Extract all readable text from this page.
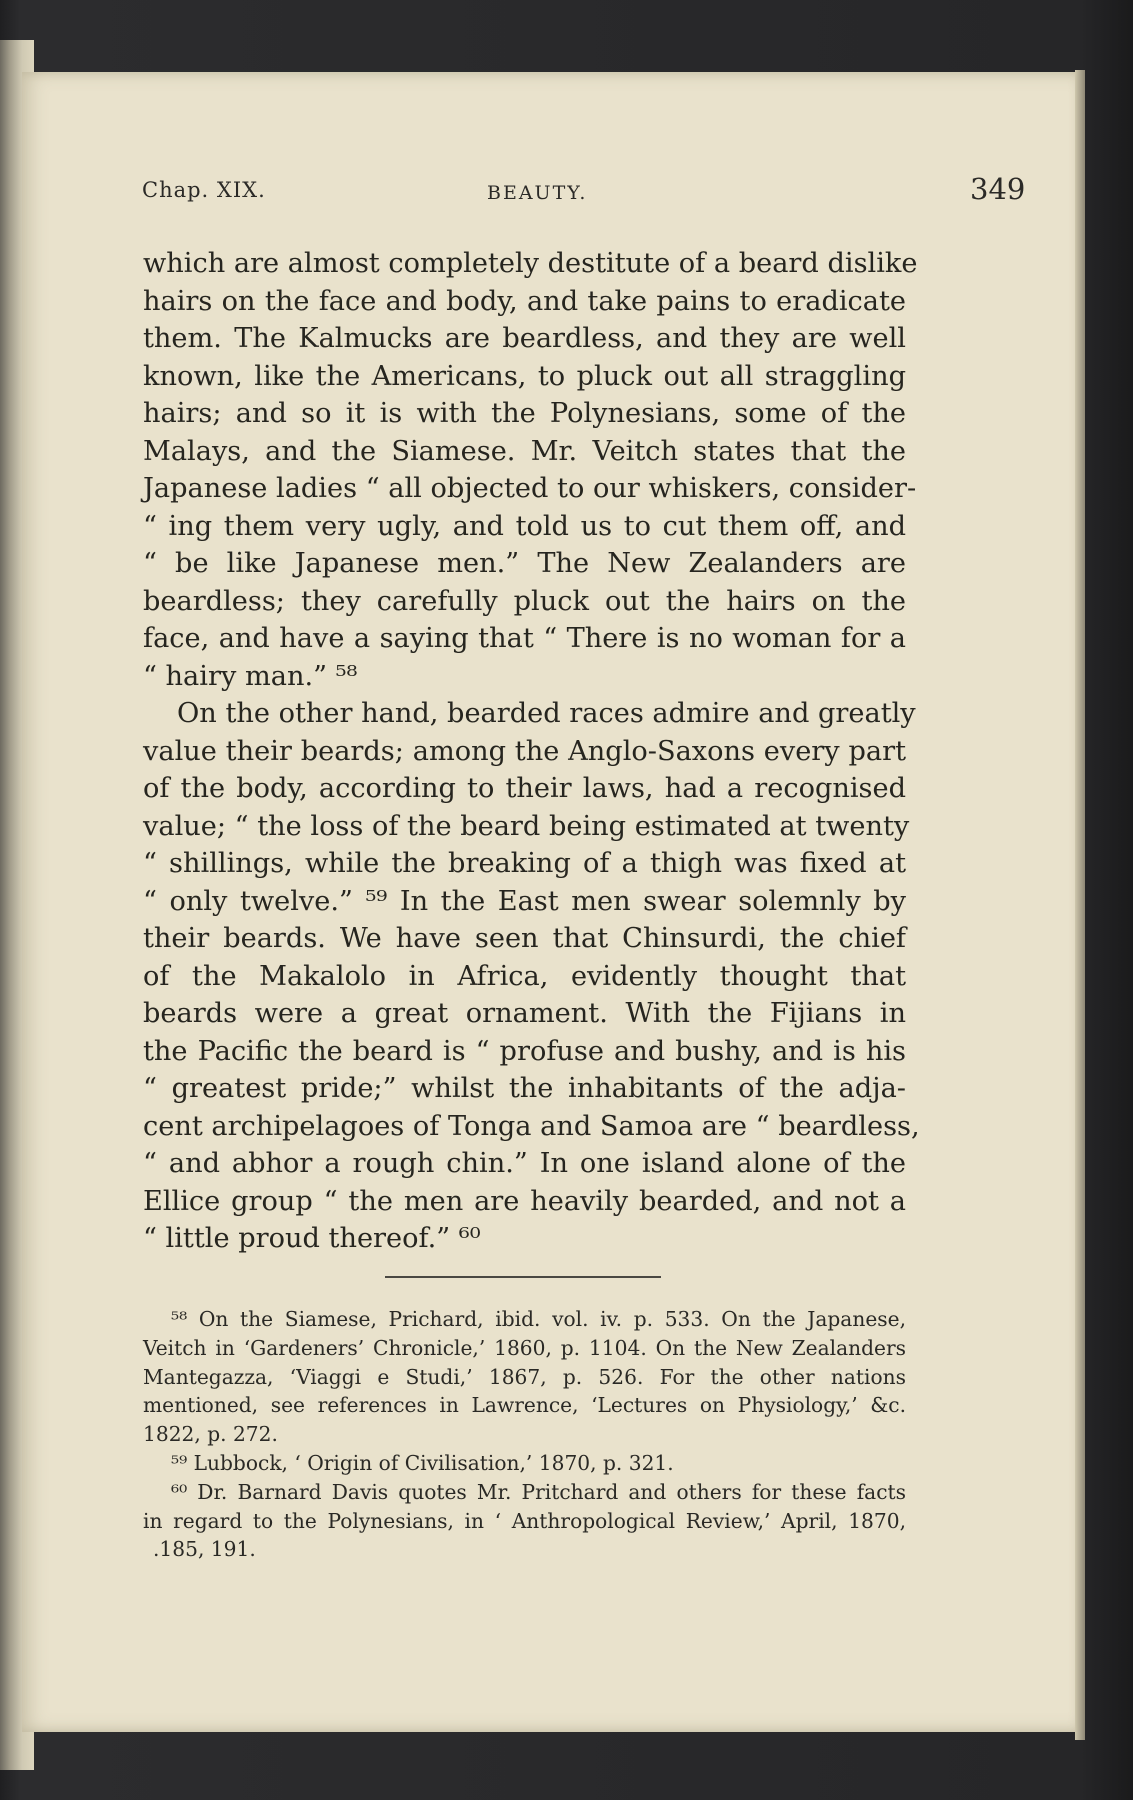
Chap. XIX.	BEAUTY.	349
which are almost completely destitute of a beard dislike
hairs on the face and body, and take pains to eradicate
them. The Kalmucks are beardless, and they are well
known, like the Americans, to pluck out all straggling
hairs; and so it is with the Polynesians, some of the
Malays, and the Siamese. Mr. Veitch states that the
Japanese ladies “ all objected to our whiskers, consider-
“ ing them very ugly, and told us to cut them off, and
“ be like Japanese men.” The New Zealanders are
beardless; they carefully pluck out the hairs on the
face, and have a saying that “ There is no woman for a
“ hairy man.” ⁵⁸
On the other hand, bearded races admire and greatly
value their beards; among the Anglo-Saxons every part
of the body, according to their laws, had a recognised
value; “ the loss of the beard being estimated at twenty
“ shillings, while the breaking of a thigh was fixed at
“ only twelve.” ⁵⁹ In the East men swear solemnly by
their beards. We have seen that Chinsurdi, the chief
of the Makalolo in Africa, evidently thought that
beards were a great ornament. With the Fijians in
the Pacific the beard is “ profuse and bushy, and is his
“ greatest pride;” whilst the inhabitants of the adja-
cent archipelagoes of Tonga and Samoa are “ beardless,
“ and abhor a rough chin.” In one island alone of the
Ellice group “ the men are heavily bearded, and not a
“ little proud thereof.” ⁶⁰
⁵⁸ On the Siamese, Prichard, ibid. vol. iv. p. 533. On the Japanese,
Veitch in ‘Gardeners’ Chronicle,’ 1860, p. 1104. On the New Zealanders
Mantegazza, ‘Viaggi e Studi,’ 1867, p. 526. For the other nations
mentioned, see references in Lawrence, ‘Lectures on Physiology,’ &c.
1822, p. 272.
⁵⁹ Lubbock, ‘ Origin of Civilisation,’ 1870, p. 321.
⁶⁰ Dr. Barnard Davis quotes Mr. Pritchard and others for these facts
in regard to the Polynesians, in ‘ Anthropological Review,’ April, 1870,
.185, 191.
